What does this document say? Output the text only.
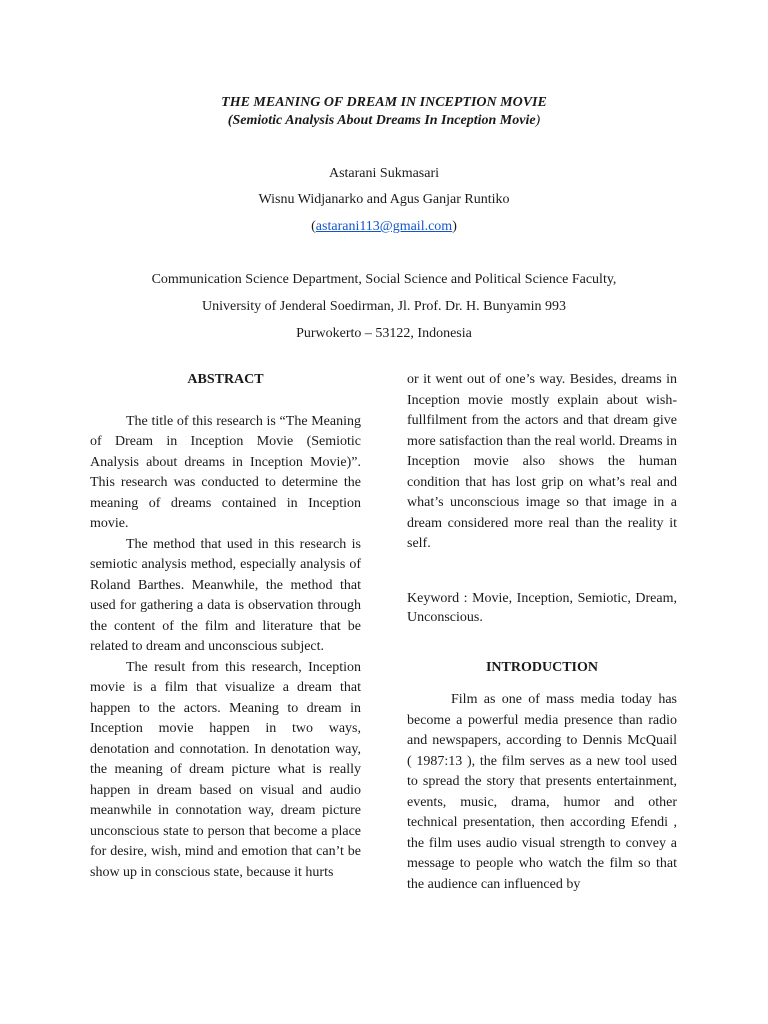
THE MEANING OF DREAM IN INCEPTION MOVIE
(Semiotic Analysis About Dreams In Inception Movie)
Astarani Sukmasari
Wisnu Widjanarko and Agus Ganjar Runtiko
(astarani113@gmail.com)
Communication Science Department, Social Science and Political Science Faculty,
University of Jenderal Soedirman, Jl. Prof. Dr. H. Bunyamin 993
Purwokerto – 53122, Indonesia

ABSTRACT

The title of this research is “The Meaning of Dream in Inception Movie (Semiotic Analysis about dreams in Inception Movie)”. This research was conducted to determine the meaning of dreams contained in Inception movie.

The method that used in this research is semiotic analysis method, especially analysis of Roland Barthes. Meanwhile, the method that used for gathering a data is observation through the content of the film and literature that be related to dream and unconscious subject.

The result from this research, Inception movie is a film that visualize a dream that happen to the actors. Meaning to dream in Inception movie happen in two ways, denotation and connotation. In denotation way, the meaning of dream picture what is really happen in dream based on visual and audio meanwhile in connotation way, dream picture unconscious state to person that become a place for desire, wish, mind and emotion that can’t be show up in conscious state, because it hurts

or it went out of one’s way. Besides, dreams in Inception movie mostly explain about wish-fullfilment from the actors and that dream give more satisfaction than the real world. Dreams in Inception movie also shows the human condition that has lost grip on what’s real and what’s unconscious image so that image in a dream considered more real than the reality it self.

Keyword : Movie, Inception, Semiotic, Dream, Unconscious.

INTRODUCTION

Film as one of mass media today has become a powerful media presence than radio and newspapers, according to Dennis McQuail ( 1987:13 ), the film serves as a new tool used to spread the story that presents entertainment, events, music, drama, humor and other technical presentation, then according Efendi , the film uses audio visual strength to convey a message to people who watch the film so that the audience can influenced by
